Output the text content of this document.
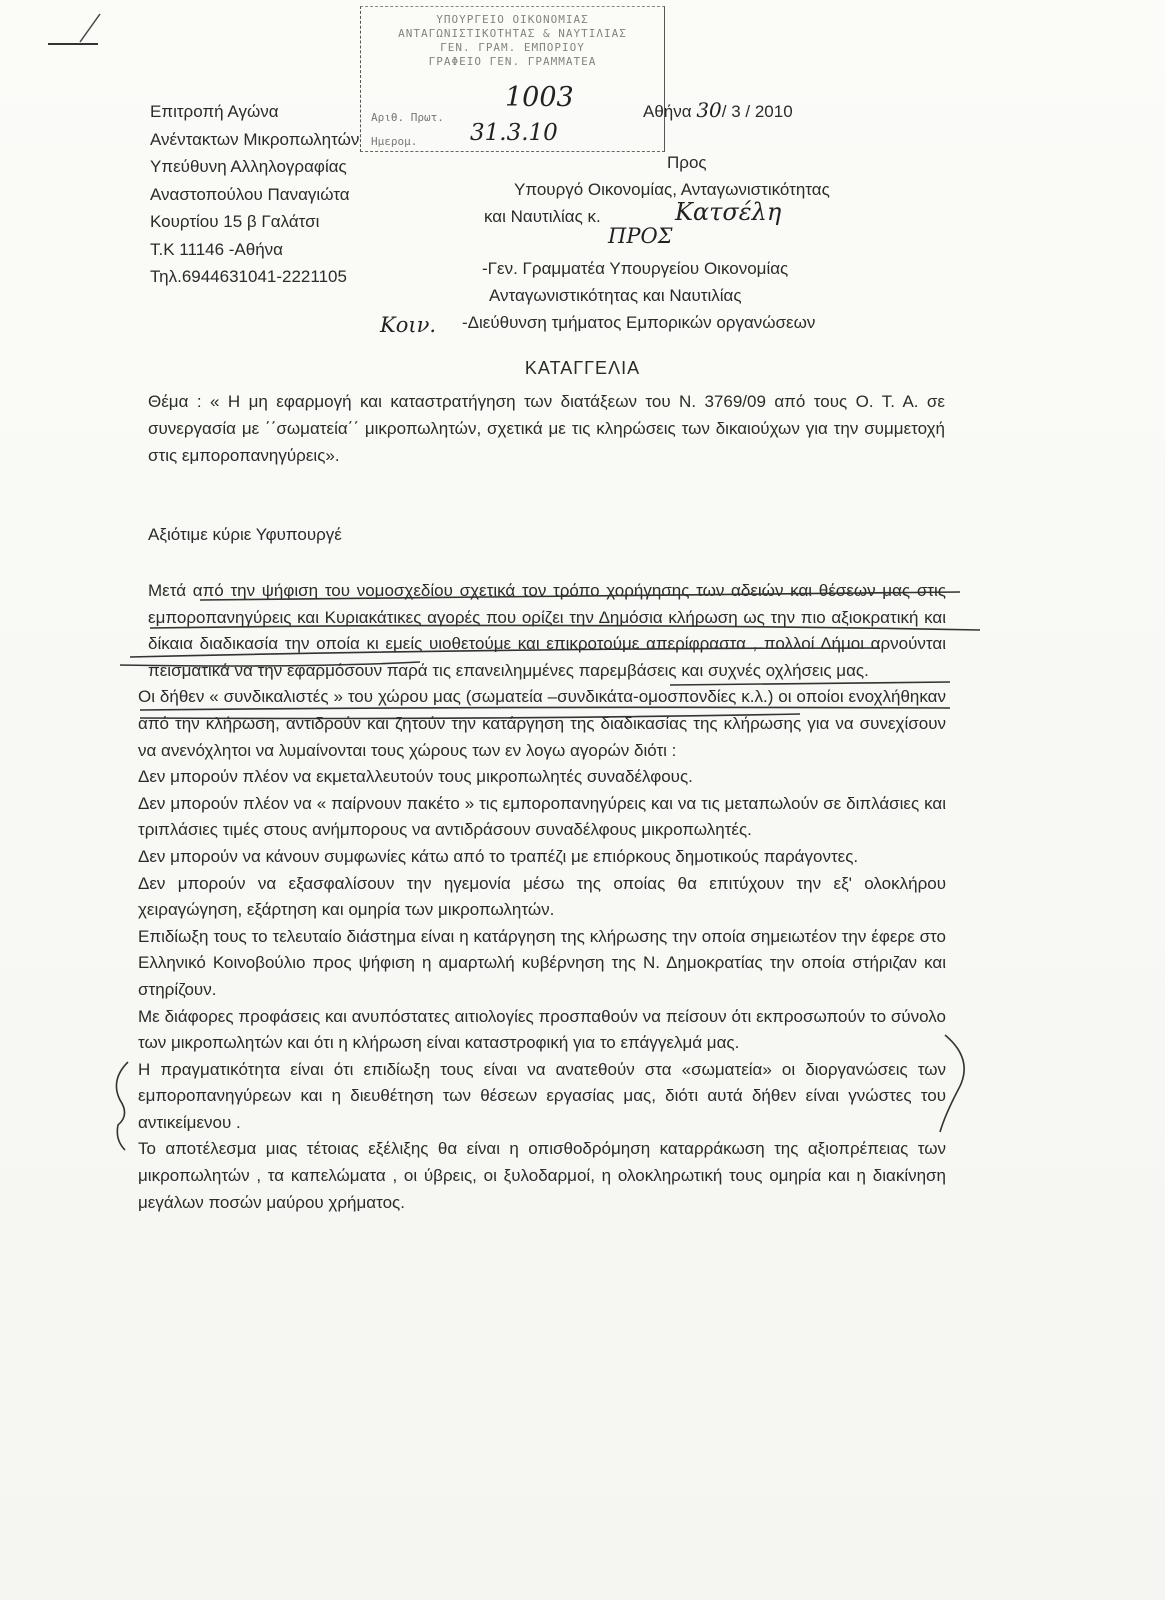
ΥΠΟΥΡΓΕΙΟ ΟΙΚΟΝΟΜΙΑΣ
ΑΝΤΑΓΩΝΙΣΤΙΚΟΤΗΤΑΣ & ΝΑΥΤΙΛΙΑΣ
ΓΕΝ. ΓΡΑΜ. ΕΜΠΟΡΙΟΥ
ΓΡΑΦΕΙΟ ΓΕΝ. ΓΡΑΜΜΑΤΕΑ
Αριθ. Πρωτ.
Ημερομ.
1003
31.3.10
Επιτροπή Αγώνα
Ανέντακτων Μικροπωλητών
Υπεύθυνη Αλληλογραφίας
Αναστοπούλου Παναγιώτα
Κουρτίου 15 β Γαλάτσι
Τ.Κ 11146 -Αθήνα
Τηλ.6944631041-2221105
Αθήνα 30/ 3 / 2010
Προς
Υπουργό Οικονομίας, Ανταγωνιστικότητας
και Ναυτιλίας κ.	Κατσέλη
ΠΡΟΣ
-Γεν. Γραμματέα Υπουργείου Οικονομίας
Ανταγωνιστικότητας και Ναυτιλίας
Κοιν. -Διεύθυνση τμήματος Εμπορικών οργανώσεων
ΚΑΤΑΓΓΕΛΙΑ
Θέμα : « Η μη εφαρμογή και καταστρατήγηση των διατάξεων του Ν. 3769/09 από τους Ο. Τ. Α. σε συνεργασία με ΄΄σωματεία΄΄ μικροπωλητών, σχετικά με τις κληρώσεις των δικαιούχων για την συμμετοχή στις εμποροπανηγύρεις».
Αξιότιμε κύριε Υφυπουργέ

Μετά από την ψήφιση του νομοσχεδίου σχετικά τον τρόπο χορήγησης των αδειών και θέσεων μας στις εμποροπανηγύρεις και Κυριακάτικες αγορές που ορίζει την Δημόσια κλήρωση ως την πιο αξιοκρατική και δίκαια διαδικασία την οποία κι εμείς υιοθετούμε και επικροτούμε απερίφραστα , πολλοί Δήμοι αρνούνται πεισματικά να την εφαρμόσουν παρά τις επανειλημμένες παρεμβάσεις και συχνές οχλήσεις μας.

Οι δήθεν « συνδικαλιστές » του χώρου μας (σωματεία –συνδικάτα-ομοσπονδίες κ.λ.) οι οποίοι ενοχλήθηκαν από την κλήρωση, αντιδρούν και ζητούν την κατάργηση της διαδικασίας της κλήρωσης για να συνεχίσουν να ανενόχλητοι να λυμαίνονται τους χώρους των εν λογω αγορών διότι :

Δεν μπορούν πλέον να εκμεταλλευτούν τους μικροπωλητές συναδέλφους.

Δεν μπορούν πλέον να « παίρνουν πακέτο » τις εμποροπανηγύρεις και να τις μεταπωλούν σε διπλάσιες και τριπλάσιες τιμές στους ανήμπορους να αντιδράσουν συναδέλφους μικροπωλητές.

Δεν μπορούν να κάνουν συμφωνίες κάτω από το τραπέζι με επιόρκους δημοτικούς παράγοντες.

Δεν μπορούν να εξασφαλίσουν την ηγεμονία μέσω της οποίας θα επιτύχουν την εξ' ολοκλήρου χειραγώγηση, εξάρτηση και ομηρία των μικροπωλητών.

Επιδίωξη τους το τελευταίο διάστημα είναι η κατάργηση της κλήρωσης την οποία σημειωτέον την έφερε στο Ελληνικό Κοινοβούλιο προς ψήφιση η αμαρτωλή κυβέρνηση της Ν. Δημοκρατίας την οποία στήριζαν και στηρίζουν.

Με διάφορες προφάσεις και ανυπόστατες αιτιολογίες προσπαθούν να πείσουν ότι εκπροσωπούν το σύνολο των μικροπωλητών και ότι η κλήρωση είναι καταστροφική για το επάγγελμά μας.

Η πραγματικότητα είναι ότι επιδίωξη τους είναι να ανατεθούν στα «σωματεία» οι διοργανώσεις των εμποροπανηγύρεων και η διευθέτηση των θέσεων εργασίας μας, διότι αυτά δήθεν είναι γνώστες του αντικείμενου .

Το αποτέλεσμα μιας τέτοιας εξέλιξης θα είναι η οπισθοδρόμηση καταρράκωση της αξιοπρέπειας των μικροπωλητών , τα καπελώματα , οι ύβρεις, οι ξυλοδαρμοί, η ολοκληρωτική τους ομηρία και η διακίνηση μεγάλων ποσών μαύρου χρήματος.
